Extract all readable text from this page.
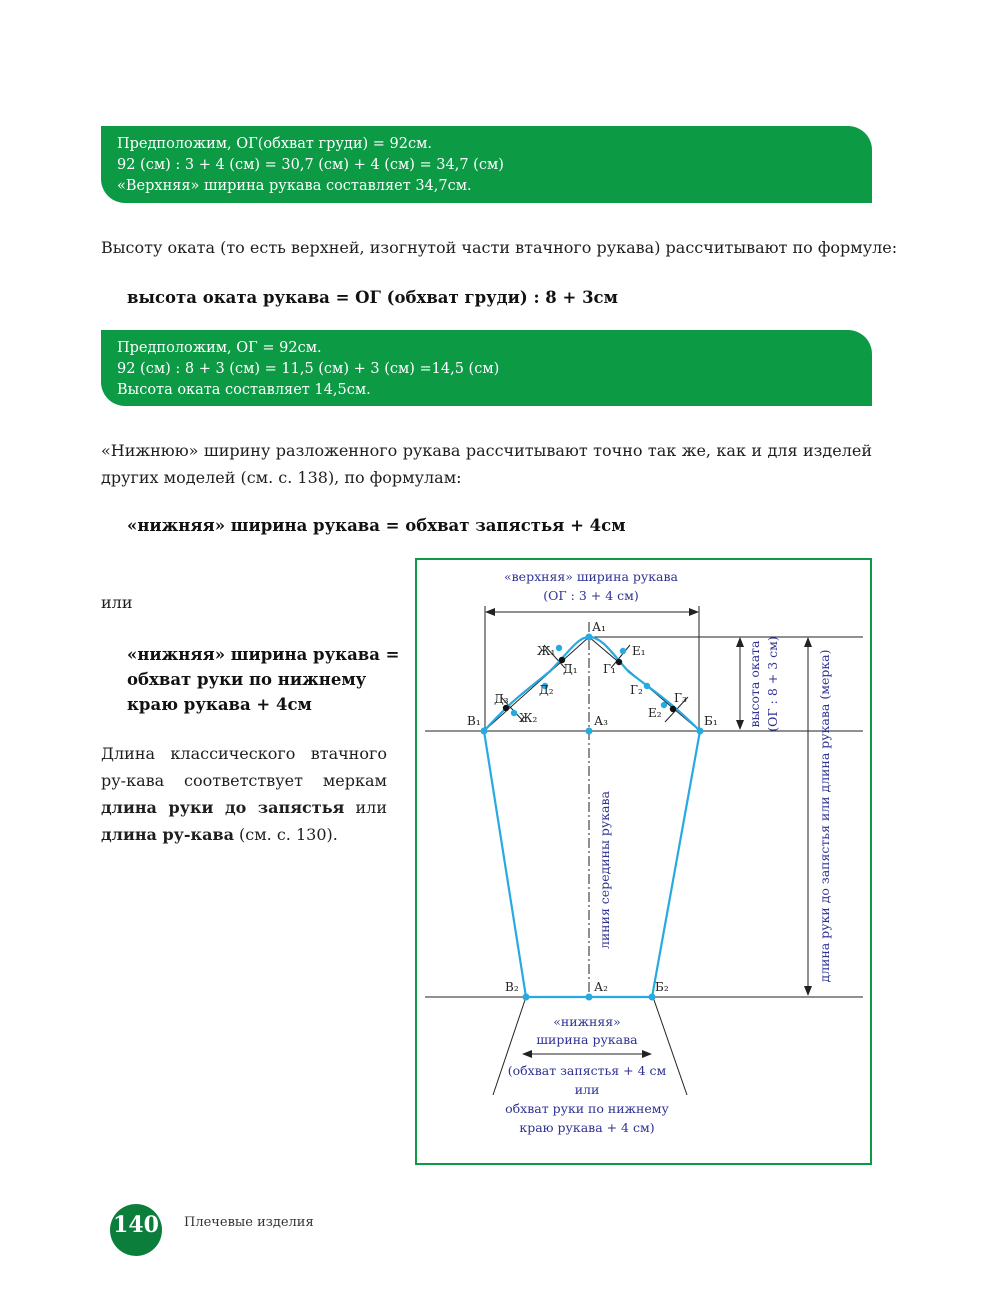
Предположим, ОГ(обхват груди) = 92см.
92 (см) : 3 + 4 (см) = 30,7 (см) + 4 (см) = 34,7 (см)
«Верхняя» ширина рукава составляет 34,7см.
Высоту оката (то есть верхней, изогнутой части втачного рукава) рассчитывают по формуле:
высота оката рукава = ОГ (обхват груди) : 8 + 3см
Предположим, ОГ = 92см.
92 (см) : 8 + 3 (см) = 11,5 (см) + 3 (см) =14,5 (см)
Высота оката составляет 14,5см.
«Нижнюю» ширину разложенного рукава рассчитывают точно так же, как и для изделей других моделей (см. с. 138), по формулам:
«нижняя» ширина рукава = обхват запястья + 4см
или
«нижняя» ширина рукава =
обхват руки по нижнему
краю рукава + 4см
Длина классического втачного ру-кава соответствует меркам длина руки до запястья или длина ру-кава (см. с. 130).
«верхняя» ширина рукава
(ОГ : 3 + 4 см)
высота оката (ОГ : 8 + 3 см)	длина руки до запястья или длина рукава (мерка)
линия середины рукава
А₁
А₃
А₂
В₁	Б₁
В₂	Б₂
Ж₁
Д₁
Д₂
Д₃
Ж₂
Е₁
Г₁
Г₂
Г₃
Е₂
«нижняя»
ширина рукава
(обхват запястья + 4 см
или
обхват руки по нижнему
краю рукава + 4 см)
140 Плечевые изделия
